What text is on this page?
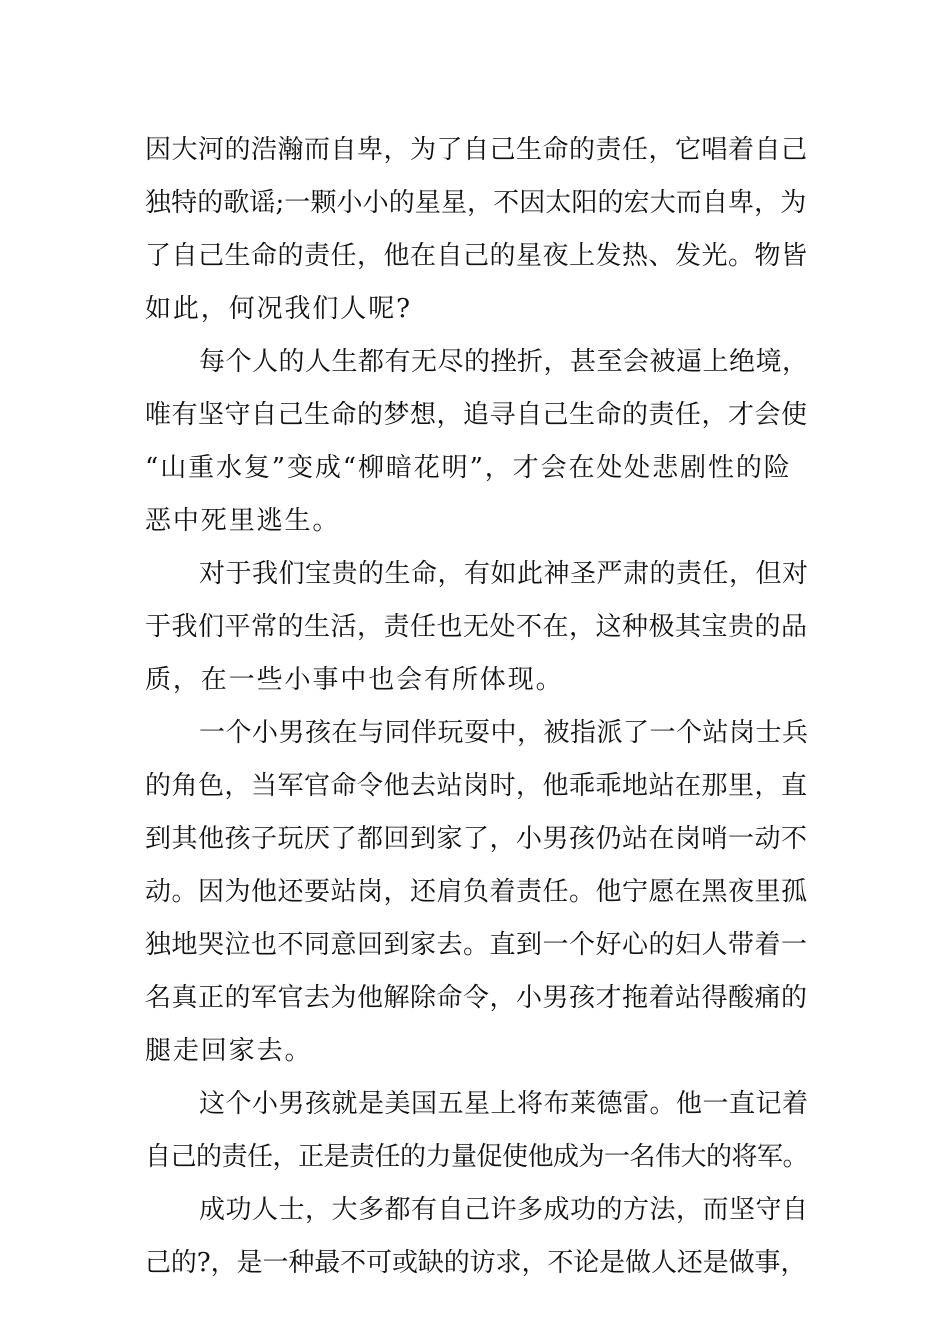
因大河的浩瀚而自卑，为了自己生命的责任，它唱着自己
独特的歌谣;一颗小小的星星，不因太阳的宏大而自卑，为
了自己生命的责任，他在自己的星夜上发热、发光。物皆
如此，何况我们人呢?
每个人的人生都有无尽的挫折，甚至会被逼上绝境，
唯有坚守自己生命的梦想，追寻自己生命的责任，才会使
“山重水复”变成“柳暗花明”，才会在处处悲剧性的险
恶中死里逃生。
对于我们宝贵的生命，有如此神圣严肃的责任，但对
于我们平常的生活，责任也无处不在，这种极其宝贵的品
质，在一些小事中也会有所体现。
一个小男孩在与同伴玩耍中，被指派了一个站岗士兵
的角色，当军官命令他去站岗时，他乖乖地站在那里，直
到其他孩子玩厌了都回到家了，小男孩仍站在岗哨一动不
动。因为他还要站岗，还肩负着责任。他宁愿在黑夜里孤
独地哭泣也不同意回到家去。直到一个好心的妇人带着一
名真正的军官去为他解除命令，小男孩才拖着站得酸痛的
腿走回家去。
这个小男孩就是美国五星上将布莱德雷。他一直记着
自己的责任，正是责任的力量促使他成为一名伟大的将军。
成功人士，大多都有自己许多成功的方法，而坚守自
己的?，是一种最不可或缺的访求，不论是做人还是做事，
